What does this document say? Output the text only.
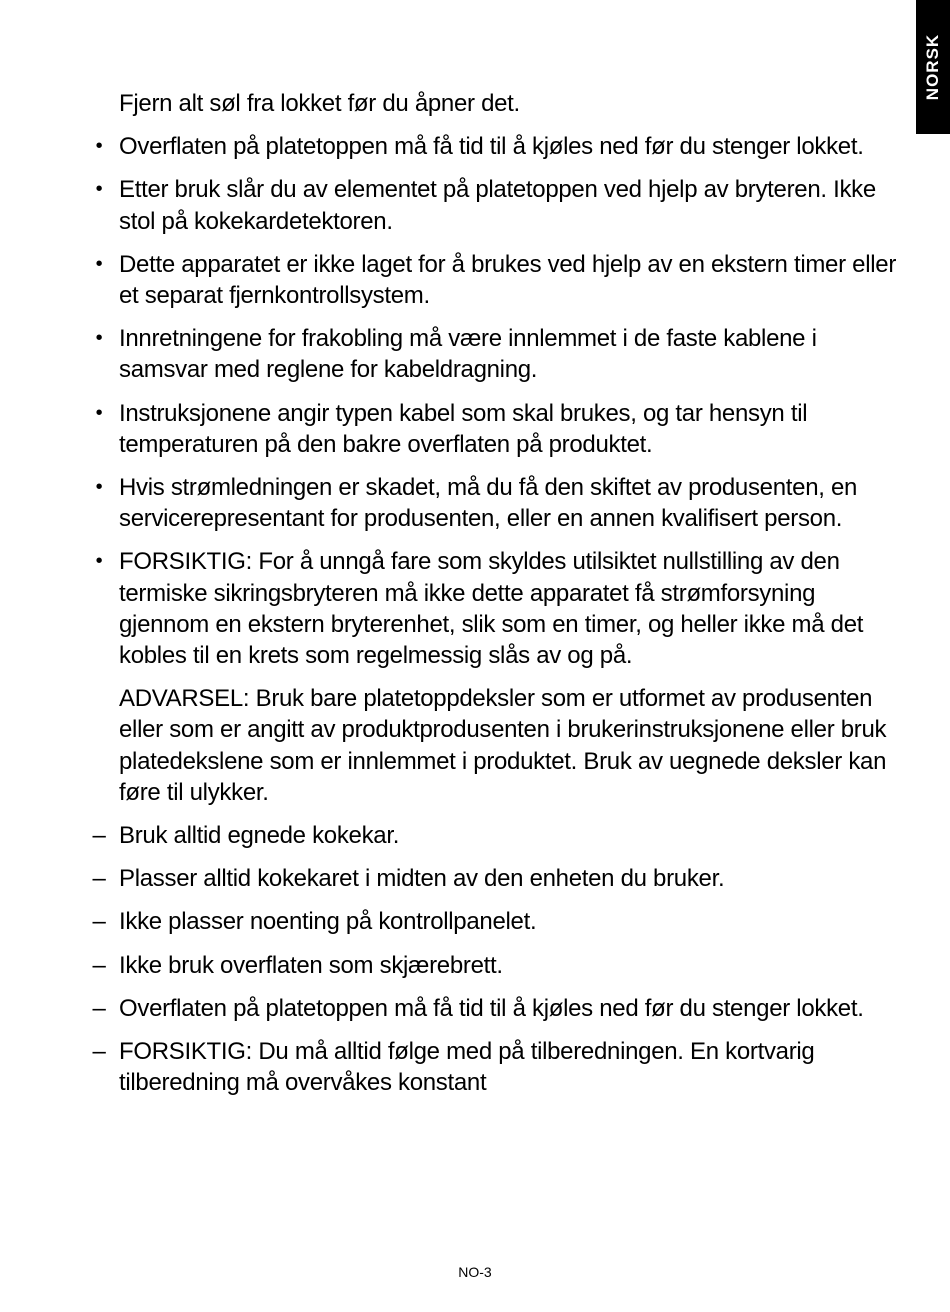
NORSK
Fjern alt søl fra lokket før du åpner det.
• Overflaten på platetoppen må få tid til å kjøles ned før du stenger lokket.
• Etter bruk slår du av elementet på platetoppen ved hjelp av bryteren. Ikke stol på kokekardetektoren.
• Dette apparatet er ikke laget for å brukes ved hjelp av en ekstern timer eller et separat fjernkontrollsystem.
• Innretningene for frakobling må være innlemmet i de faste kablene i samsvar med reglene for kabeldragning.
• Instruksjonene angir typen kabel som skal brukes, og tar hensyn til temperaturen på den bakre overflaten på produktet.
• Hvis strømledningen er skadet, må du få den skiftet av produsenten, en servicerepresentant for produsenten, eller en annen kvalifisert person.
• FORSIKTIG: For å unngå fare som skyldes utilsiktet nullstilling av den termiske sikringsbryteren må ikke dette apparatet få strømforsyning gjennom en ekstern bryterenhet, slik som en timer, og heller ikke må det kobles til en krets som regelmessig slås av og på.
ADVARSEL: Bruk bare platetoppdeksler som er utformet av produsenten eller som er angitt av produktprodusenten i brukerinstruksjonene eller bruk platedekslene som er innlemmet i produktet. Bruk av uegnede deksler kan føre til ulykker.
– Bruk alltid egnede kokekar.
– Plasser alltid kokekaret i midten av den enheten du bruker.
– Ikke plasser noenting på kontrollpanelet.
– Ikke bruk overflaten som skjærebrett.
– Overflaten på platetoppen må få tid til å kjøles ned før du stenger lokket.
– FORSIKTIG: Du må alltid følge med på tilberedningen. En kortvarig tilberedning må overvåkes konstant
NO-3
